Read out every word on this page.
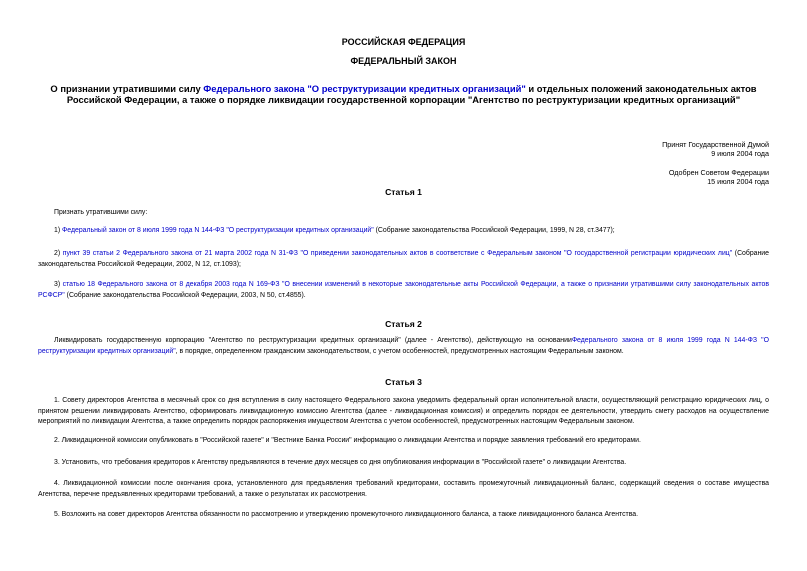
РОССИЙСКАЯ ФЕДЕРАЦИЯ
ФЕДЕРАЛЬНЫЙ ЗАКОН
О признании утратившими силу Федерального закона "О реструктуризации кредитных организаций" и отдельных положений законодательных актов Российской Федерации, а также о порядке ликвидации государственной корпорации "Агентство по реструктуризации кредитных организаций"
Принят Государственной Думой
9 июля 2004 года
Одобрен Советом Федерации
15 июля 2004 года
Статья 1
Признать утратившими силу:
1) Федеральный закон от 8 июля 1999 года N 144-ФЗ "О реструктуризации кредитных организаций" (Собрание законодательства Российской Федерации, 1999, N 28, ст.3477);
2) пункт 39 статьи 2 Федерального закона от 21 марта 2002 года N 31-ФЗ "О приведении законодательных актов в соответствие с Федеральным законом "О государственной регистрации юридических лиц" (Собрание законодательства Российской Федерации, 2002, N 12, ст.1093);
3) статью 18 Федерального закона от 8 декабря 2003 года N 169-ФЗ "О внесении изменений в некоторые законодательные акты Российской Федерации, а также о признании утратившими силу законодательных актов РСФСР" (Собрание законодательства Российской Федерации, 2003, N 50, ст.4855).
Статья 2
Ликвидировать государственную корпорацию "Агентство по реструктуризации кредитных организаций" (далее - Агентство), действующую на основанииФедерального закона от 8 июля 1999 года N 144-ФЗ "О реструктуризации кредитных организаций", в порядке, определенном гражданским законодательством, с учетом особенностей, предусмотренных настоящим Федеральным законом.
Статья 3
1. Совету директоров Агентства в месячный срок со дня вступления в силу настоящего Федерального закона уведомить федеральный орган исполнительной власти, осуществляющий регистрацию юридических лиц, о принятом решении ликвидировать Агентство, сформировать ликвидационную комиссию Агентства (далее - ликвидационная комиссия) и определить порядок ее деятельности, утвердить смету расходов на осуществление мероприятий по ликвидации Агентства, а также определить порядок распоряжения имуществом Агентства с учетом особенностей, предусмотренных настоящим Федеральным законом.
2. Ликвидационной комиссии опубликовать в "Российской газете" и "Вестнике Банка России" информацию о ликвидации Агентства и порядке заявления требований его кредиторами.
3. Установить, что требования кредиторов к Агентству предъявляются в течение двух месяцев со дня опубликования информации в "Российской газете" о ликвидации Агентства.
4. Ликвидационной комиссии после окончания срока, установленного для предъявления требований кредиторами, составить промежуточный ликвидационный баланс, содержащий сведения о составе имущества Агентства, перечне предъявленных кредиторами требований, а также о результатах их рассмотрения.
5. Возложить на совет директоров Агентства обязанности по рассмотрению и утверждению промежуточного ликвидационного баланса, а также ликвидационного баланса Агентства.
